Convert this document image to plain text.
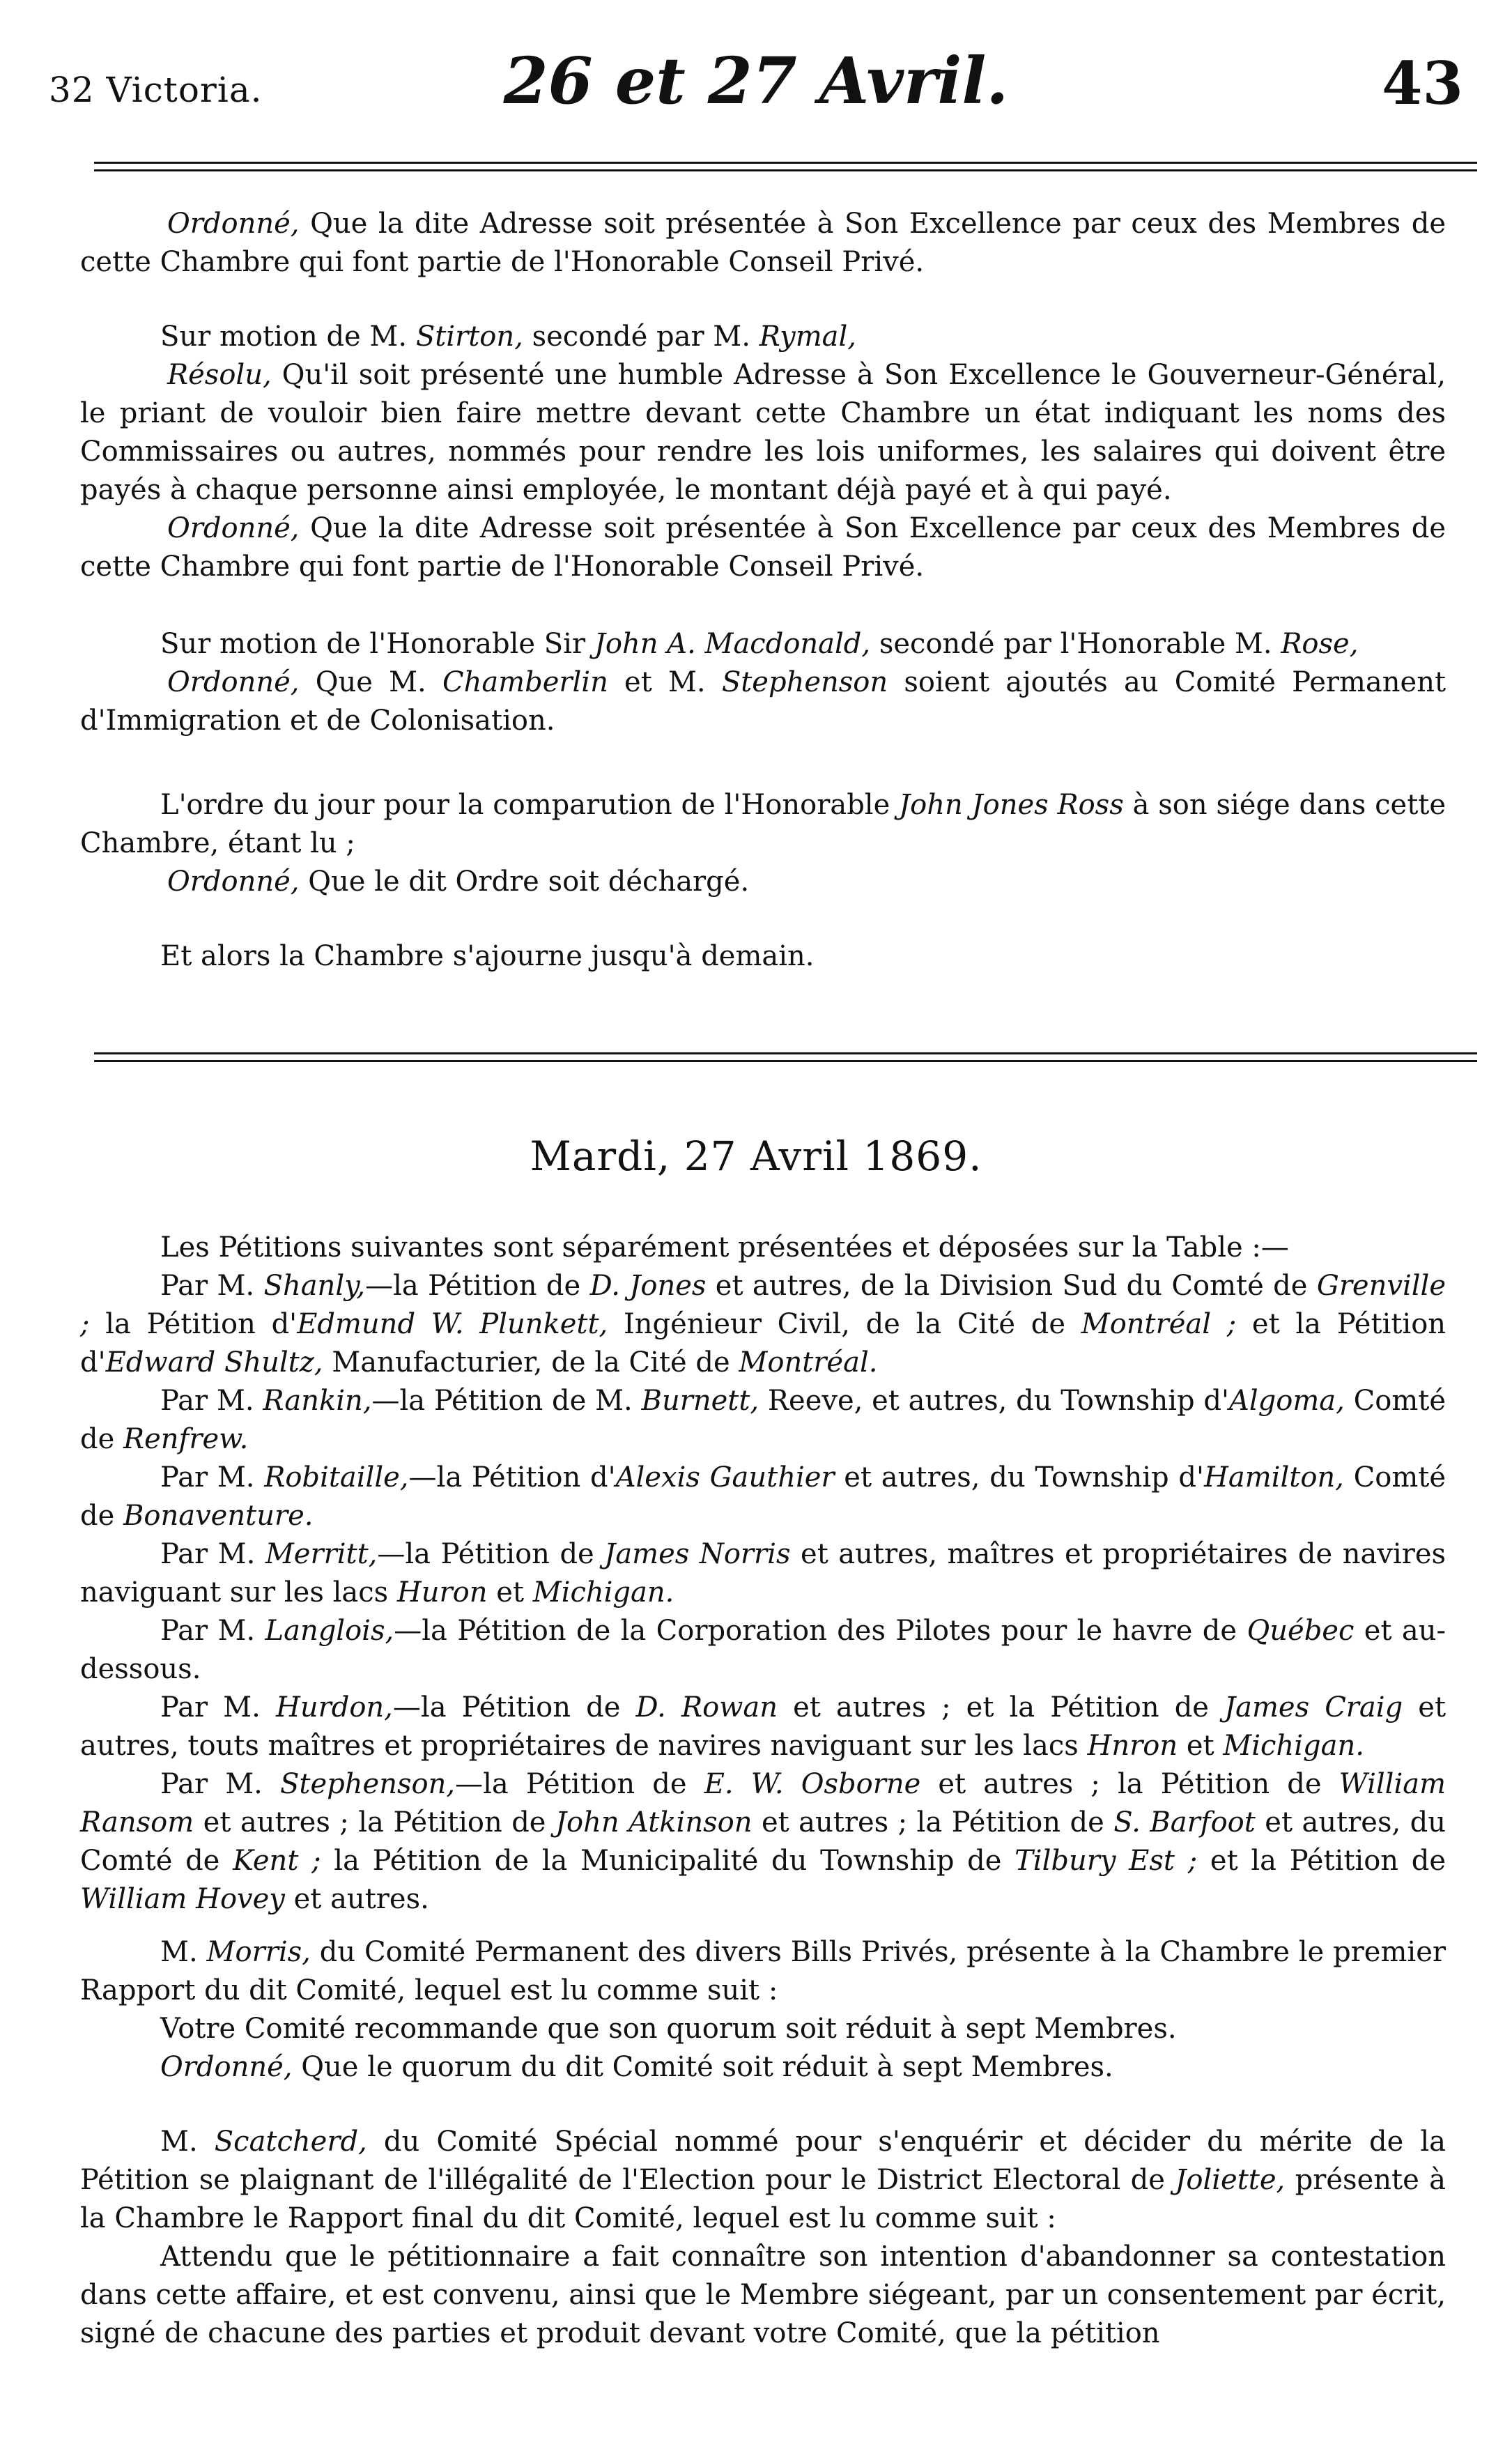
32 Victoria.	26 et 27 Avril.	43

Ordonné, Que la dite Adresse soit présentée à Son Excellence par ceux des Membres de cette Chambre qui font partie de l'Honorable Conseil Privé.

Sur motion de M. Stirton, secondé par M. Rymal,

Résolu, Qu'il soit présenté une humble Adresse à Son Excellence le Gouverneur-Général, le priant de vouloir bien faire mettre devant cette Chambre un état indiquant les noms des Commissaires ou autres, nommés pour rendre les lois uniformes, les salaires qui doivent être payés à chaque personne ainsi employée, le montant déjà payé et à qui payé.

Ordonné, Que la dite Adresse soit présentée à Son Excellence par ceux des Membres de cette Chambre qui font partie de l'Honorable Conseil Privé.

Sur motion de l'Honorable Sir John A. Macdonald, secondé par l'Honorable M. Rose,

Ordonné, Que M. Chamberlin et M. Stephenson soient ajoutés au Comité Permanent d'Immigration et de Colonisation.

L'ordre du jour pour la comparution de l'Honorable John Jones Ross à son siége dans cette Chambre, étant lu ;

Ordonné, Que le dit Ordre soit déchargé.

Et alors la Chambre s'ajourne jusqu'à demain.

Mardi, 27 Avril 1869.

Les Pétitions suivantes sont séparément présentées et déposées sur la Table :—

Par M. Shanly,—la Pétition de D. Jones et autres, de la Division Sud du Comté de Grenville ; la Pétition d'Edmund W. Plunkett, Ingénieur Civil, de la Cité de Montréal ; et la Pétition d'Edward Shultz, Manufacturier, de la Cité de Montréal.

Par M. Rankin,—la Pétition de M. Burnett, Reeve, et autres, du Township d'Algoma, Comté de Renfrew.

Par M. Robitaille,—la Pétition d'Alexis Gauthier et autres, du Township d'Hamilton, Comté de Bonaventure.

Par M. Merritt,—la Pétition de James Norris et autres, maîtres et propriétaires de navires naviguant sur les lacs Huron et Michigan.

Par M. Langlois,—la Pétition de la Corporation des Pilotes pour le havre de Québec et au-dessous.

Par M. Hurdon,—la Pétition de D. Rowan et autres ; et la Pétition de James Craig et autres, touts maîtres et propriétaires de navires naviguant sur les lacs Hnron et Michigan.

Par M. Stephenson,—la Pétition de E. W. Osborne et autres ; la Pétition de William Ransom et autres ; la Pétition de John Atkinson et autres ; la Pétition de S. Barfoot et autres, du Comté de Kent ; la Pétition de la Municipalité du Township de Tilbury Est ; et la Pétition de William Hovey et autres.

M. Morris, du Comité Permanent des divers Bills Privés, présente à la Chambre le premier Rapport du dit Comité, lequel est lu comme suit :

Votre Comité recommande que son quorum soit réduit à sept Membres.

Ordonné, Que le quorum du dit Comité soit réduit à sept Membres.

M. Scatcherd, du Comité Spécial nommé pour s'enquérir et décider du mérite de la Pétition se plaignant de l'illégalité de l'Election pour le District Electoral de Joliette, présente à la Chambre le Rapport final du dit Comité, lequel est lu comme suit :

Attendu que le pétitionnaire a fait connaître son intention d'abandonner sa contestation dans cette affaire, et est convenu, ainsi que le Membre siégeant, par un consentement par écrit, signé de chacune des parties et produit devant votre Comité, que la pétition
